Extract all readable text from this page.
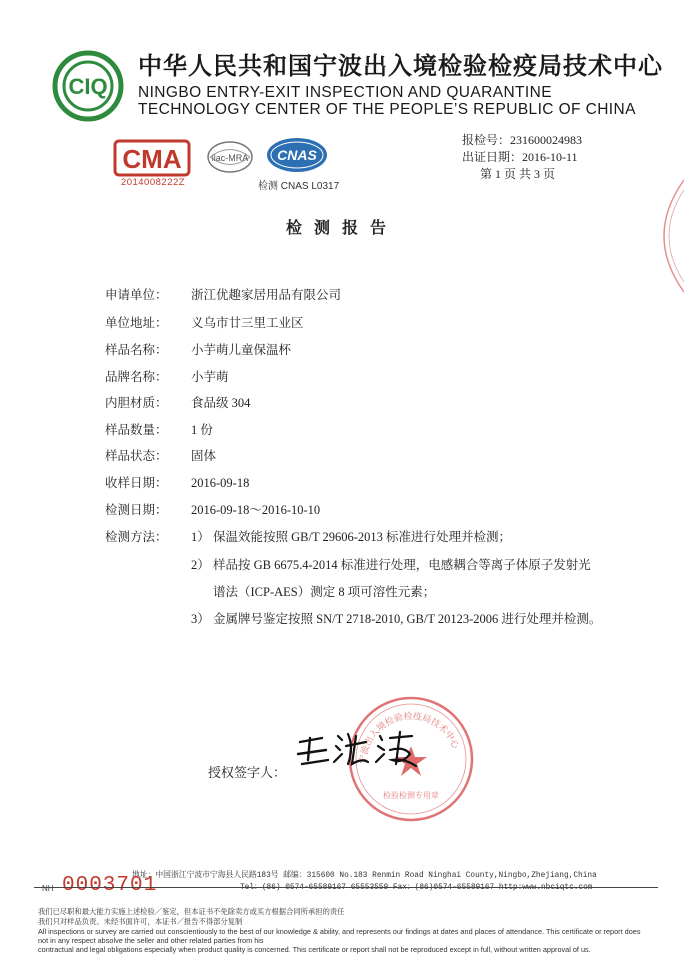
CIQ
中华人民共和国宁波出入境检验检疫局技术中心
NINGBO ENTRY-EXIT INSPECTION AND QUARANTINE
TECHNOLOGY CENTER OF THE PEOPLE’S REPUBLIC OF CHINA
CMA
2014008222Z
ilac-MRA CNAS
检测 CNAS L0317
报检号：231600024983
出证日期：2016-10-11
第 1 页 共 3 页
检测报告
申请单位： 浙江优趣家居用品有限公司
单位地址： 义乌市廿三里工业区
样品名称： 小芋萌儿童保温杯
品牌名称： 小芋萌
内胆材质： 食品级 304
样品数量： 1 份
样品状态： 固体
收样日期： 2016-09-18
检测日期： 2016-09-18～2016-10-10
检测方法：	1） 保温效能按照 GB/T 29606-2013 标准进行处理并检测；
2） 样品按 GB 6675.4-2014 标准进行处理，电感耦合等离子体原子发射光
谱法（ICP-AES）测定 8 项可溶性元素；
3） 金属牌号鉴定按照 SN/T 2718-2010, GB/T 20123-2006 进行处理并检测。
授权签字人：
宁波出入境检验检疫局技术中心
检验检测专用章
地址：中国浙江宁波市宁海县人民路183号 邮编：315600 No.183 Renmin Road Ninghai County,Ningbo,Zhejiang,China
NH 0003701	Tel：(86) 0574-65589167 65553559 Fax：(86)0574-65589167 http:www.nbciqtc.com
我们已尽职和最大能力实施上述检验／鉴定，但本证书不免除卖方或买方根据合同所承担的责任
我们只对样品负责。未经书面许可，本证书／报告不得部分复制
All inspections or survey are carried out conscientiously to the best of our knowledge & ability, and represents our findings at dates and places of attendance. This certificate or report does not in any respect absolve the seller and other related parties from his
contractual and legal obligations especially when product quality is concerned. This certificate or report shall not be reproduced except in full, without written approval of us.
